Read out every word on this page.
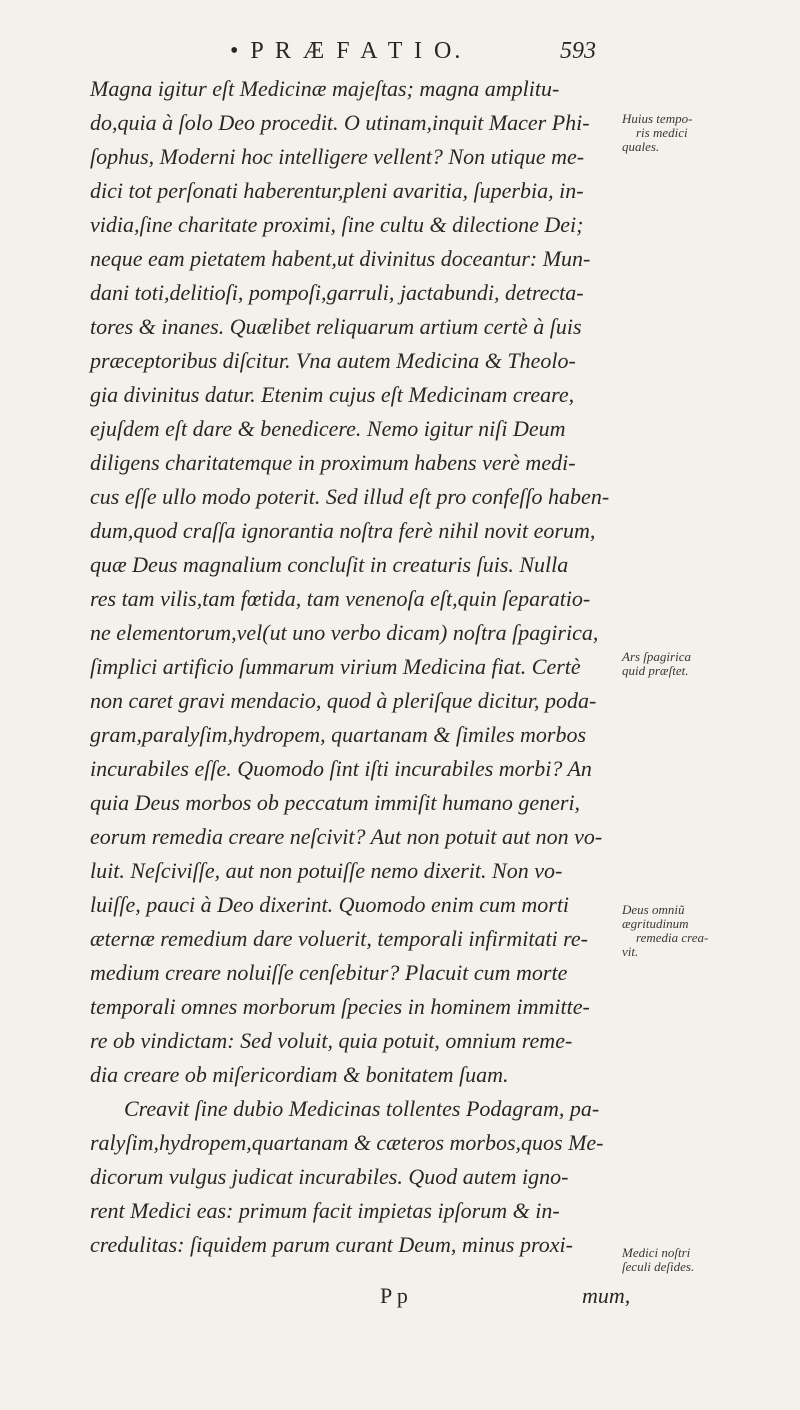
• P R Æ F A T I O.	593
Magna igitur eſt Medicinæ majeſtas; magna amplitu-
do,quia à ſolo Deo procedit. O utinam,inquit Macer Phi-
ſophus, Moderni hoc intelligere vellent? Non utique me-
dici tot perſonati haberentur,pleni avaritia, ſuperbia, in-
vidia,ſine charitate proximi, ſine cultu & dilectione Dei;
neque eam pietatem habent,ut divinitus doceantur: Mun-
dani toti,delitioſi, pompoſi,garruli, jactabundi, detrecta-
tores & inanes. Quælibet reliquarum artium certè à ſuis
præceptoribus diſcitur. Vna autem Medicina & Theolo-
gia divinitus datur. Etenim cujus eſt Medicinam creare,
ejuſdem eſt dare & benedicere. Nemo igitur niſi Deum
diligens charitatemque in proximum habens verè medi-
cus eſſe ullo modo poterit. Sed illud eſt pro confeſſo haben-
dum,quod craſſa ignorantia noſtra ferè nihil novit eorum,
quæ Deus magnalium concluſit in creaturis ſuis. Nulla
res tam vilis,tam fœtida, tam venenoſa eſt,quin ſeparatio-
ne elementorum,vel(ut uno verbo dicam) noſtra ſpagirica,
ſimplici artificio ſummarum virium Medicina fiat. Certè
non caret gravi mendacio, quod à pleriſque dicitur, poda-
gram,paralyſim,hydropem, quartanam & ſimiles morbos
incurabiles eſſe. Quomodo ſint iſti incurabiles morbi? An
quia Deus morbos ob peccatum immiſit humano generi,
eorum remedia creare neſcivit? Aut non potuit aut non vo-
luit. Neſciviſſe, aut non potuiſſe nemo dixerit. Non vo-
luiſſe, pauci à Deo dixerint. Quomodo enim cum morti
æternæ remedium dare voluerit, temporali infirmitati re-
medium creare noluiſſe cenſebitur? Placuit cum morte
temporali omnes morborum ſpecies in hominem immitte-
re ob vindictam: Sed voluit, quia potuit, omnium reme-
dia creare ob miſericordiam & bonitatem ſuam.
Creavit ſine dubio Medicinas tollentes Podagram, pa-
ralyſim,hydropem,quartanam & cæteros morbos,quos Me-
dicorum vulgus judicat incurabiles. Quod autem igno-
rent Medici eas: primum facit impietas ipſorum & in-
credulitas: ſiquidem parum curant Deum, minus proxi-
Huius tempo-
ris medici
quales.
Ars ſpagirica
quid præſtet.
Deus omniũ
ægritudinum
remedia crea-
vit.
Medici noſtri
ſeculi deſides.
P p	mum,
